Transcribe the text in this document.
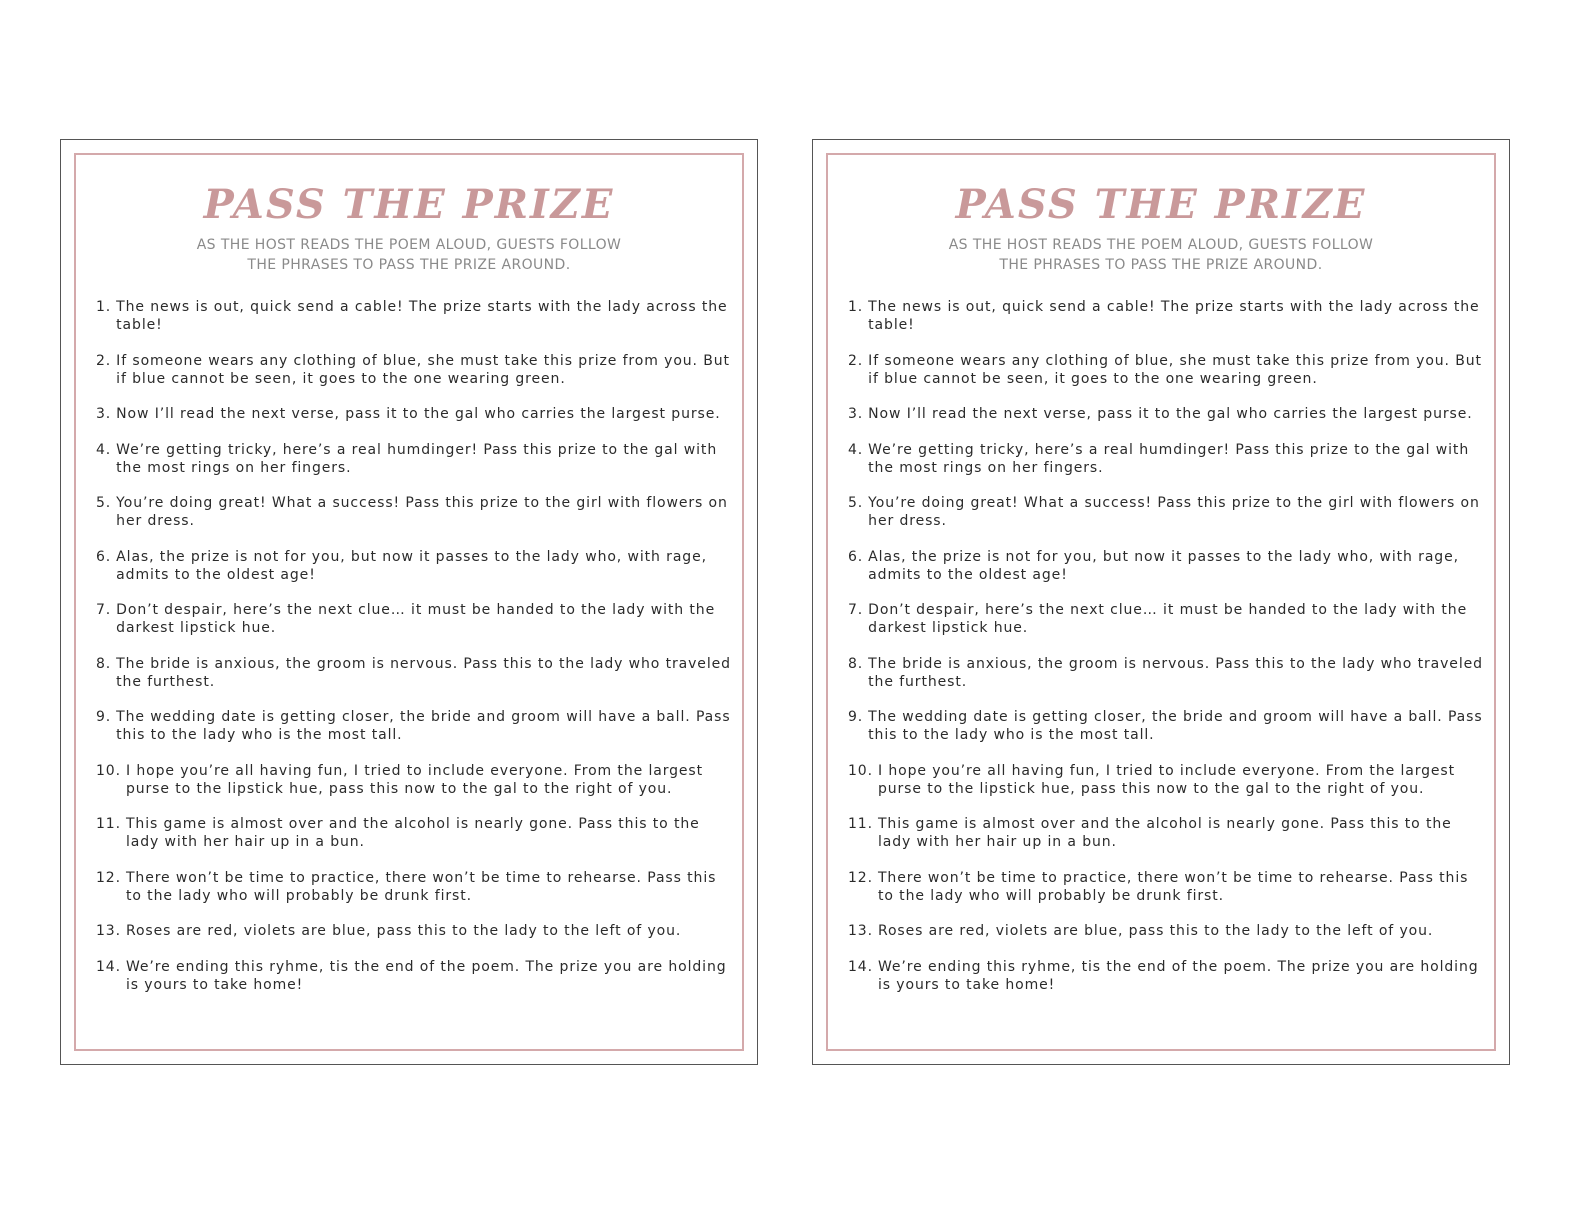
PASS THE PRIZE
AS THE HOST READS THE POEM ALOUD, GUESTS FOLLOW
THE PHRASES TO PASS THE PRIZE AROUND.
1. The news is out, quick send a cable! The prize starts with the lady across the table!
2. If someone wears any clothing of blue, she must take this prize from you. But if blue cannot be seen, it goes to the one wearing green.
3. Now I’ll read the next verse, pass it to the gal who carries the largest purse.
4. We’re getting tricky, here’s a real humdinger! Pass this prize to the gal with the most rings on her fingers.
5. You’re doing great! What a success! Pass this prize to the girl with flowers on her dress.
6. Alas, the prize is not for you, but now it passes to the lady who, with rage, admits to the oldest age!
7. Don’t despair, here’s the next clue… it must be handed to the lady with the darkest lipstick hue.
8. The bride is anxious, the groom is nervous. Pass this to the lady who traveled the furthest.
9. The wedding date is getting closer, the bride and groom will have a ball. Pass this to the lady who is the most tall.
10. I hope you’re all having fun, I tried to include everyone. From the largest purse to the lipstick hue, pass this now to the gal to the right of you.
11. This game is almost over and the alcohol is nearly gone. Pass this to the lady with her hair up in a bun.
12. There won’t be time to practice, there won’t be time to rehearse. Pass this to the lady who will probably be drunk first.
13. Roses are red, violets are blue, pass this to the lady to the left of you.
14. We’re ending this ryhme, tis the end of the poem. The prize you are holding is yours to take home!
PASS THE PRIZE
AS THE HOST READS THE POEM ALOUD, GUESTS FOLLOW
THE PHRASES TO PASS THE PRIZE AROUND.
1. The news is out, quick send a cable! The prize starts with the lady across the table!
2. If someone wears any clothing of blue, she must take this prize from you. But if blue cannot be seen, it goes to the one wearing green.
3. Now I’ll read the next verse, pass it to the gal who carries the largest purse.
4. We’re getting tricky, here’s a real humdinger! Pass this prize to the gal with the most rings on her fingers.
5. You’re doing great! What a success! Pass this prize to the girl with flowers on her dress.
6. Alas, the prize is not for you, but now it passes to the lady who, with rage, admits to the oldest age!
7. Don’t despair, here’s the next clue… it must be handed to the lady with the darkest lipstick hue.
8. The bride is anxious, the groom is nervous. Pass this to the lady who traveled the furthest.
9. The wedding date is getting closer, the bride and groom will have a ball. Pass this to the lady who is the most tall.
10. I hope you’re all having fun, I tried to include everyone. From the largest purse to the lipstick hue, pass this now to the gal to the right of you.
11. This game is almost over and the alcohol is nearly gone. Pass this to the lady with her hair up in a bun.
12. There won’t be time to practice, there won’t be time to rehearse. Pass this to the lady who will probably be drunk first.
13. Roses are red, violets are blue, pass this to the lady to the left of you.
14. We’re ending this ryhme, tis the end of the poem. The prize you are holding is yours to take home!
